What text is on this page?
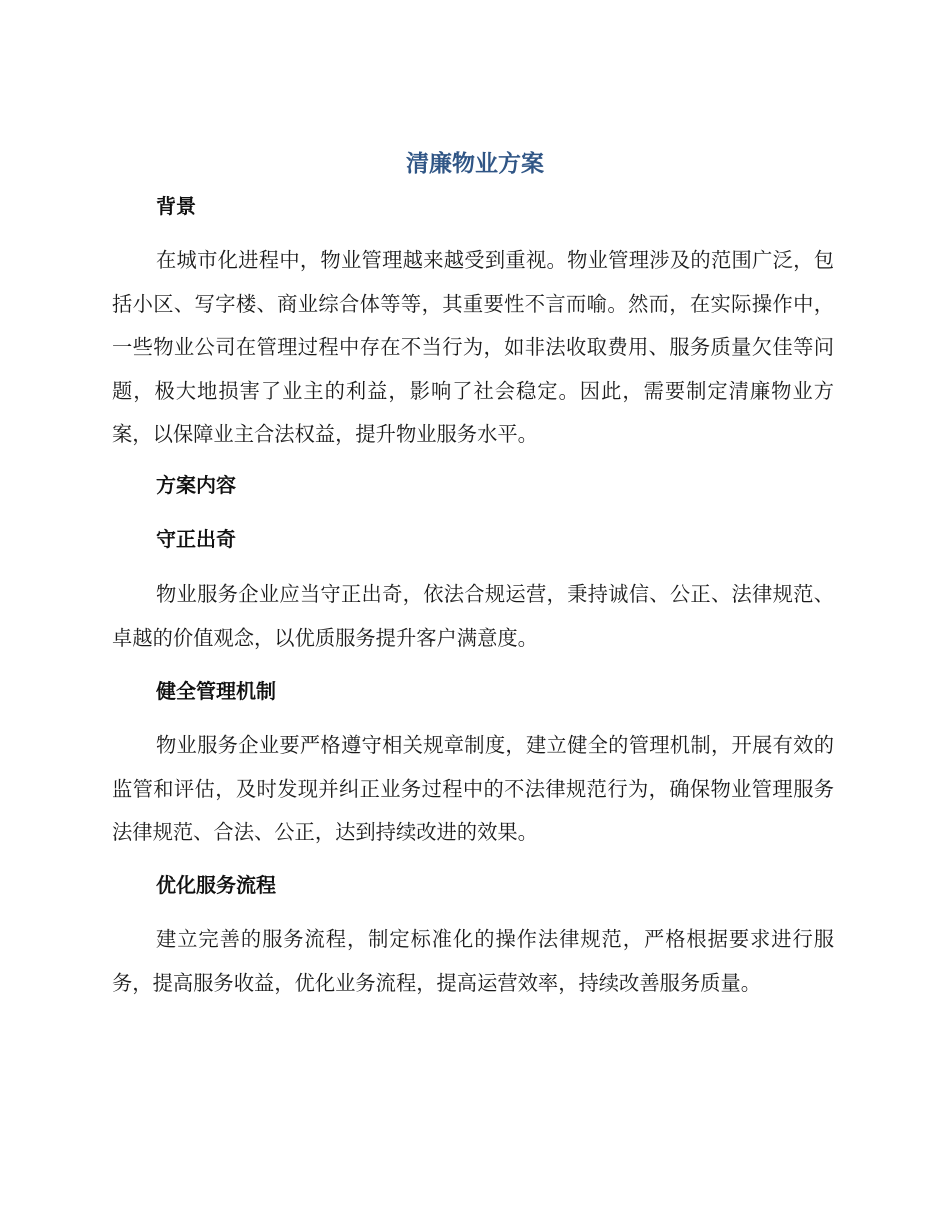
清廉物业方案
背景

在城市化进程中，物业管理越来越受到重视。物业管理涉及的范围广泛，包括小区、写字楼、商业综合体等等，其重要性不言而喻。然而，在实际操作中，一些物业公司在管理过程中存在不当行为，如非法收取费用、服务质量欠佳等问题，极大地损害了业主的利益，影响了社会稳定。因此，需要制定清廉物业方案，以保障业主合法权益，提升物业服务水平。

方案内容
守正出奇

物业服务企业应当守正出奇，依法合规运营，秉持诚信、公正、法律规范、卓越的价值观念，以优质服务提升客户满意度。

健全管理机制

物业服务企业要严格遵守相关规章制度，建立健全的管理机制，开展有效的监管和评估，及时发现并纠正业务过程中的不法律规范行为，确保物业管理服务法律规范、合法、公正，达到持续改进的效果。

优化服务流程

建立完善的服务流程，制定标准化的操作法律规范，严格根据要求进行服务，提高服务收益，优化业务流程，提高运营效率，持续改善服务质量。
